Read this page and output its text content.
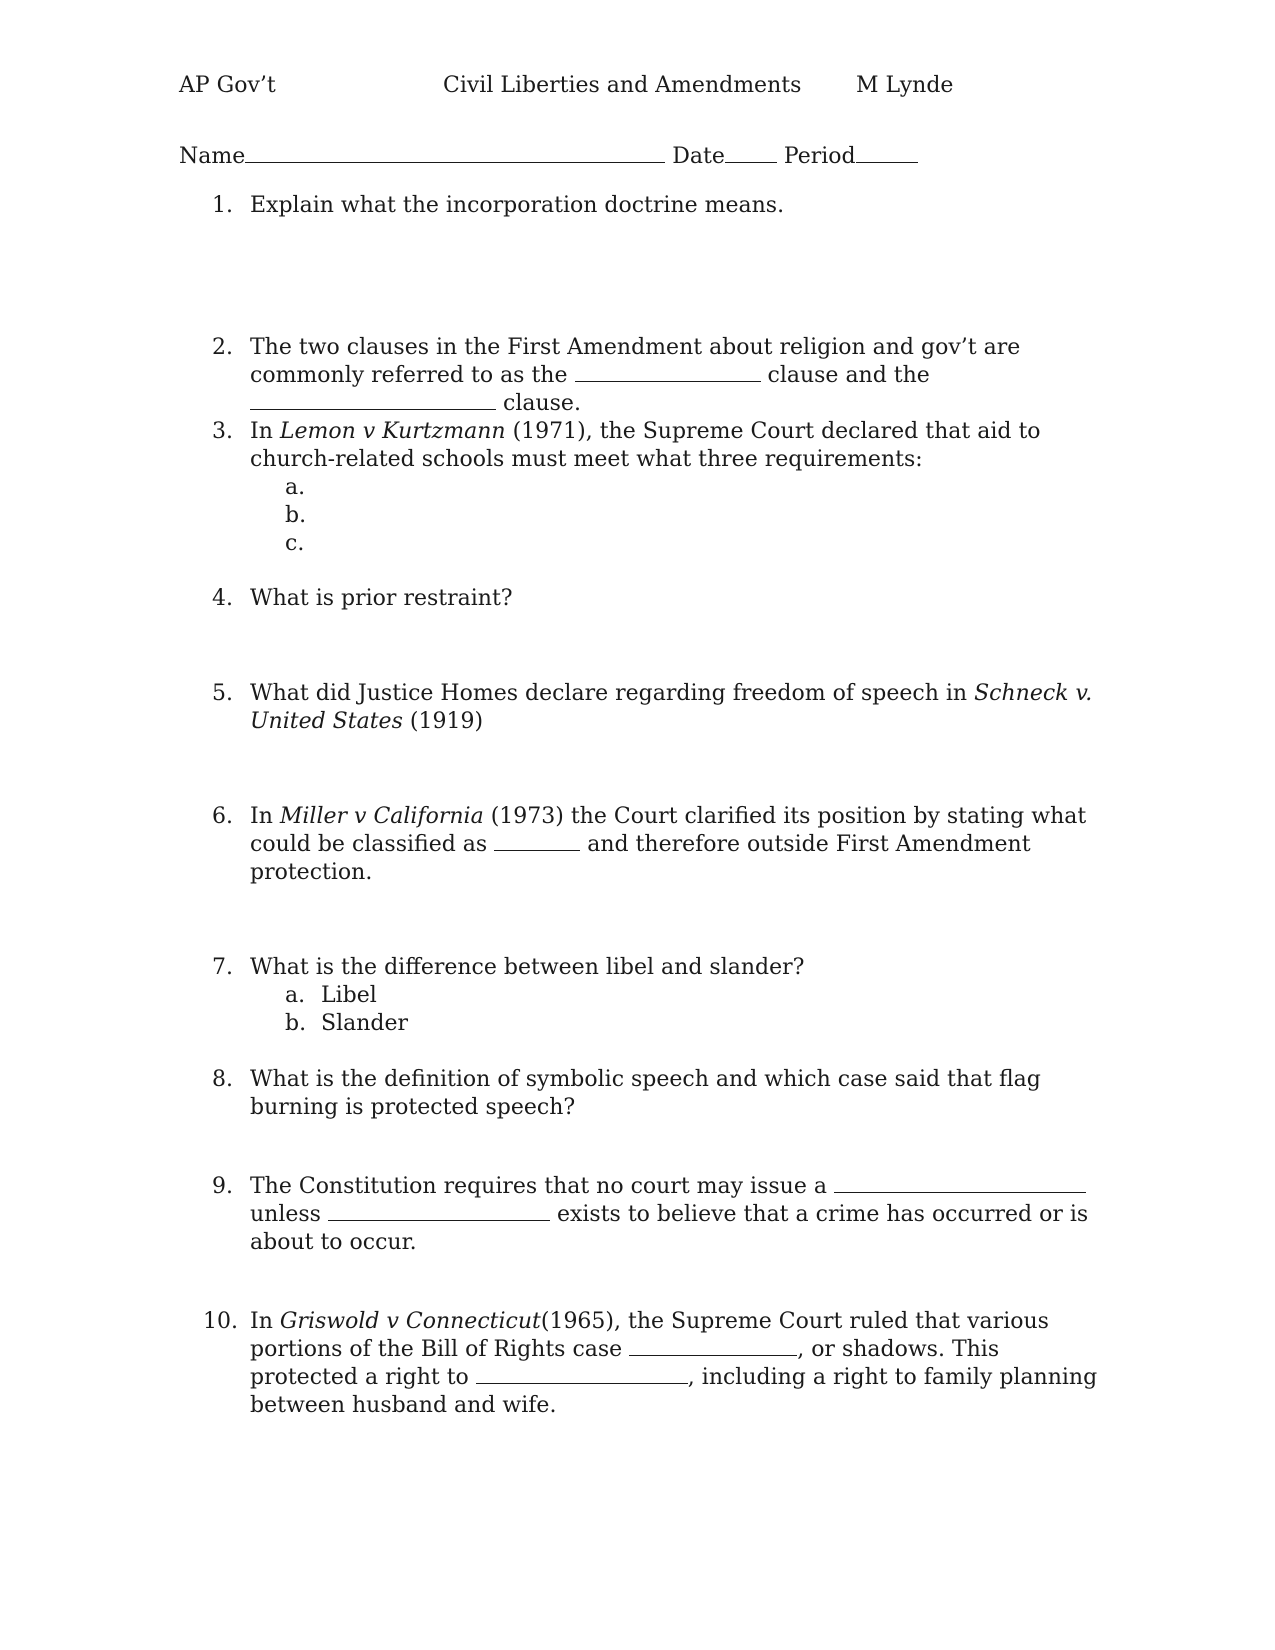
AP Gov’t	Civil Liberties and Amendments M Lynde
Name	Date	Period
1. Explain what the incorporation doctrine means.
2. The two clauses in the First Amendment about religion and gov’t are
commonly referred to as the	clause and the
clause.
3. In Lemon v Kurtzmann (1971), the Supreme Court declared that aid to
church-related schools must meet what three requirements:
a.
b.
c.
4. What is prior restraint?
5. What did Justice Homes declare regarding freedom of speech in Schneck v.
United States (1919)
6. In Miller v California (1973) the Court clarified its position by stating what
could be classified as	and therefore outside First Amendment
protection.
7. What is the difference between libel and slander?
a. Libel
b. Slander
8. What is the definition of symbolic speech and which case said that flag
burning is protected speech?
9. The Constitution requires that no court may issue a
unless	exists to believe that a crime has occurred or is
about to occur.
10. In Griswold v Connecticut(1965), the Supreme Court ruled that various
portions of the Bill of Rights case	, or shadows. This
protected a right to	, including a right to family planning
between husband and wife.
